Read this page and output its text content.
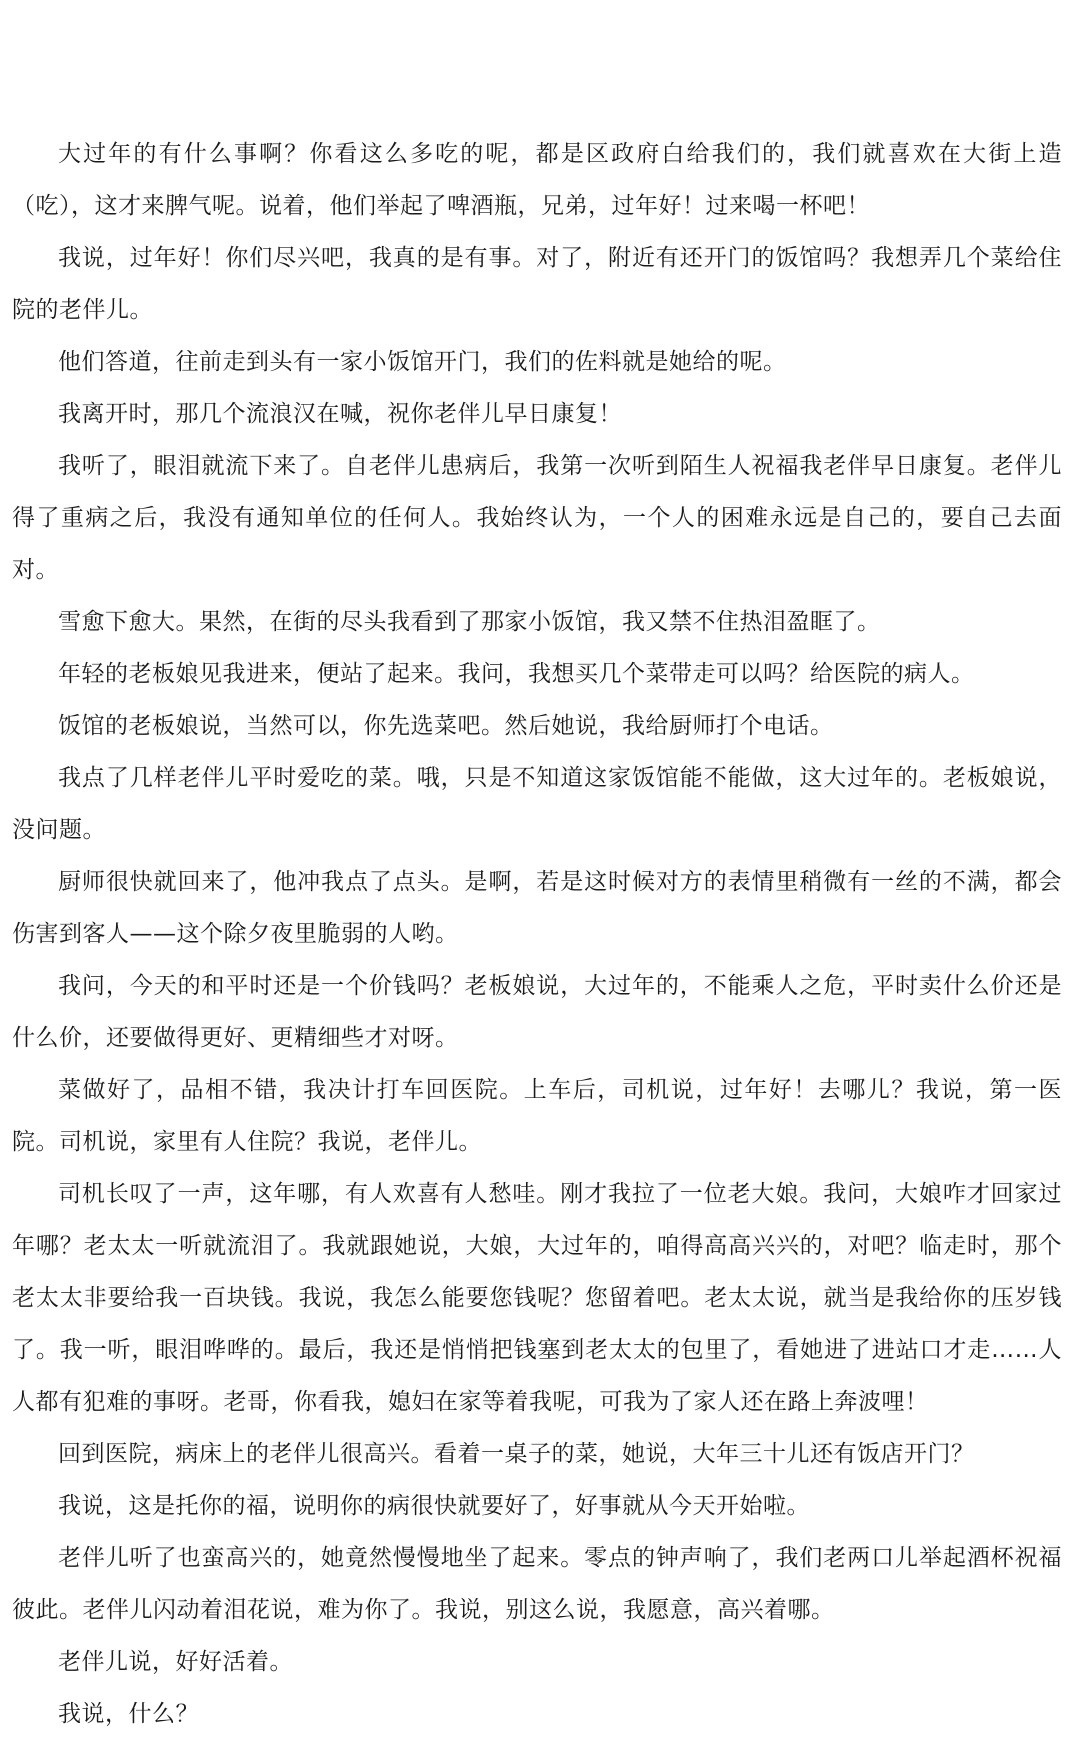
大过年的有什么事啊？你看这么多吃的呢，都是区政府白给我们的，我们就喜欢在大街上造（吃），这才来脾气呢。说着，他们举起了啤酒瓶，兄弟，过年好！过来喝一杯吧！

我说，过年好！你们尽兴吧，我真的是有事。对了，附近有还开门的饭馆吗？我想弄几个菜给住院的老伴儿。

他们答道，往前走到头有一家小饭馆开门，我们的佐料就是她给的呢。

我离开时，那几个流浪汉在喊，祝你老伴儿早日康复！

我听了，眼泪就流下来了。自老伴儿患病后，我第一次听到陌生人祝福我老伴早日康复。老伴儿得了重病之后，我没有通知单位的任何人。我始终认为，一个人的困难永远是自己的，要自己去面对。

雪愈下愈大。果然，在街的尽头我看到了那家小饭馆，我又禁不住热泪盈眶了。

年轻的老板娘见我进来，便站了起来。我问，我想买几个菜带走可以吗？给医院的病人。

饭馆的老板娘说，当然可以，你先选菜吧。然后她说，我给厨师打个电话。

我点了几样老伴儿平时爱吃的菜。哦，只是不知道这家饭馆能不能做，这大过年的。老板娘说，没问题。

厨师很快就回来了，他冲我点了点头。是啊，若是这时候对方的表情里稍微有一丝的不满，都会伤害到客人——这个除夕夜里脆弱的人哟。

我问，今天的和平时还是一个价钱吗？老板娘说，大过年的，不能乘人之危，平时卖什么价还是什么价，还要做得更好、更精细些才对呀。

菜做好了，品相不错，我决计打车回医院。上车后，司机说，过年好！去哪儿？我说，第一医院。司机说，家里有人住院？我说，老伴儿。

司机长叹了一声，这年哪，有人欢喜有人愁哇。刚才我拉了一位老大娘。我问，大娘咋才回家过年哪？老太太一听就流泪了。我就跟她说，大娘，大过年的，咱得高高兴兴的，对吧？临走时，那个老太太非要给我一百块钱。我说，我怎么能要您钱呢？您留着吧。老太太说，就当是我给你的压岁钱了。我一听，眼泪哗哗的。最后，我还是悄悄把钱塞到老太太的包里了，看她进了进站口才走……人人都有犯难的事呀。老哥，你看我，媳妇在家等着我呢，可我为了家人还在路上奔波哩！

回到医院，病床上的老伴儿很高兴。看着一桌子的菜，她说，大年三十儿还有饭店开门？

我说，这是托你的福，说明你的病很快就要好了，好事就从今天开始啦。

老伴儿听了也蛮高兴的，她竟然慢慢地坐了起来。零点的钟声响了，我们老两口儿举起酒杯祝福彼此。老伴儿闪动着泪花说，难为你了。我说，别这么说，我愿意，高兴着哪。

老伴儿说，好好活着。

我说，什么？
